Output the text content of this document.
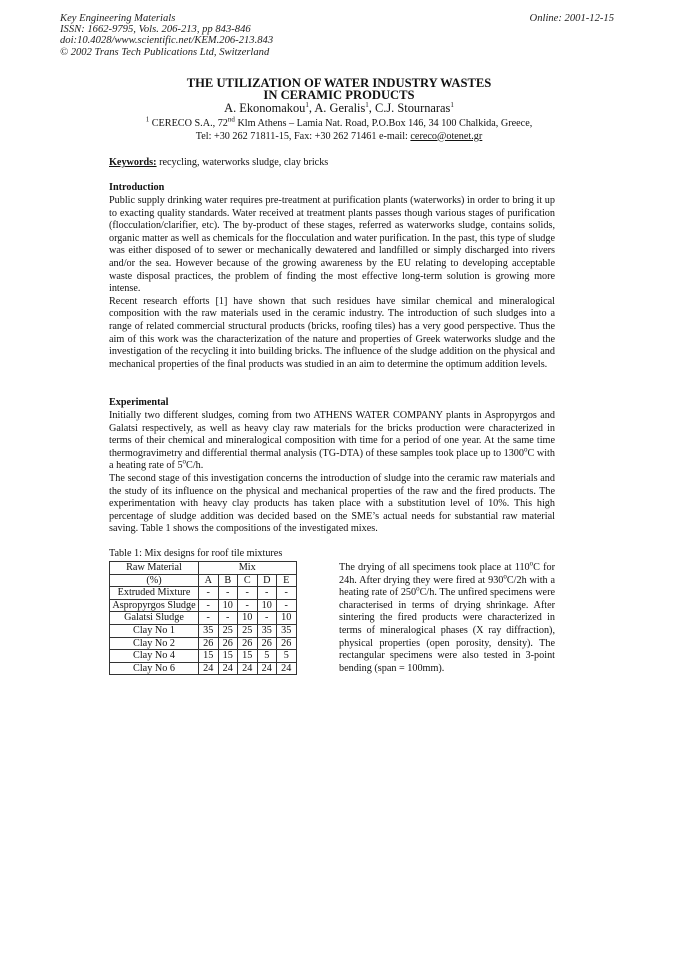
Key Engineering Materials
ISSN: 1662-9795, Vols. 206-213, pp 843-846
doi:10.4028/www.scientific.net/KEM.206-213.843
© 2002 Trans Tech Publications Ltd, Switzerland
Online: 2001-12-15
THE UTILIZATION OF WATER INDUSTRY WASTES
IN CERAMIC PRODUCTS
A. Ekonomakou$^1$, A. Geralis$^1$, C.J. Stournaras$^1$
$^1$ CERECO S.A., 72nd Klm Athens – Lamia Nat. Road, P.O.Box 146, 34 100 Chalkida, Greece,
Tel: +30 262 71811-15, Fax: +30 262 71461 e-mail: cereco@otenet.gr
Keywords: recycling, waterworks sludge, clay bricks
Introduction

Public supply drinking water requires pre-treatment at purification plants (waterworks) in order to bring it up to exacting quality standards. Water received at treatment plants passes though various stages of purification (flocculation/clarifier, etc). The by-product of these stages, referred as waterworks sludge, contains solids, organic matter as well as chemicals for the flocculation and water purification. In the past, this type of sludge was either disposed of to sewer or mechanically dewatered and landfilled or simply discharged into rivers and/or the sea. However because of the growing awareness by the EU relating to developing acceptable waste disposal practices, the problem of finding the most effective long-term solution is growing more intense.

Recent research efforts [1] have shown that such residues have similar chemical and mineralogical composition with the raw materials used in the ceramic industry. The introduction of such sludges into a range of related commercial structural products (bricks, roofing tiles) has a very good perspective. Thus the aim of this work was the characterization of the nature and properties of Greek waterworks sludge and the investigation of the recycling it into building bricks. The influence of the sludge addition on the physical and mechanical properties of the final products was studied in an aim to determine the optimum addition levels.

Experimental

Initially two different sludges, coming from two ATHENS WATER COMPANY plants in Aspropyrgos and Galatsi respectively, as well as heavy clay raw materials for the bricks production were characterized in terms of their chemical and mineralogical composition with time for a period of one year. At the same time thermogravimetry and differential thermal analysis (TG-DTA) of these samples took place up to 1300$^o$C with a heating rate of 5$^o$C/h.

The second stage of this investigation concerns the introduction of sludge into the ceramic raw materials and the study of its influence on the physical and mechanical properties of the raw and the fired products. The experimentation with heavy clay products has taken place with a substitution level of 10%. This high percentage of sludge addition was decided based on the SME’s actual needs for substantial raw material saving. Table 1 shows the compositions of the investigated mixes.

Table 1: Mix designs for roof tile mixtures
Raw Material	Mix				
(%)	A	B	C	D	E
Extruded Mixture	-	-	-	-	-
Aspropyrgos Sludge	-	10	-	10	-
Galatsi Sludge	-	-	10	-	10
Clay No 1	35	25	25	35	35
Clay No 2	26	26	26	26	26
Clay No 4	15	15	15	5	5
Clay No 6	24	24	24	24	24
The drying of all specimens took place at 110$^o$C for 24h. After drying they were fired at 930$^o$C/2h with a heating rate of 250$^o$C/h. The unfired specimens were characterised in terms of drying shrinkage. After sintering the fired products were characterized in terms of mineralogical phases (X ray diffraction), physical properties (open porosity, density). The rectangular specimens were also tested in 3-point bending (span = 100mm).
